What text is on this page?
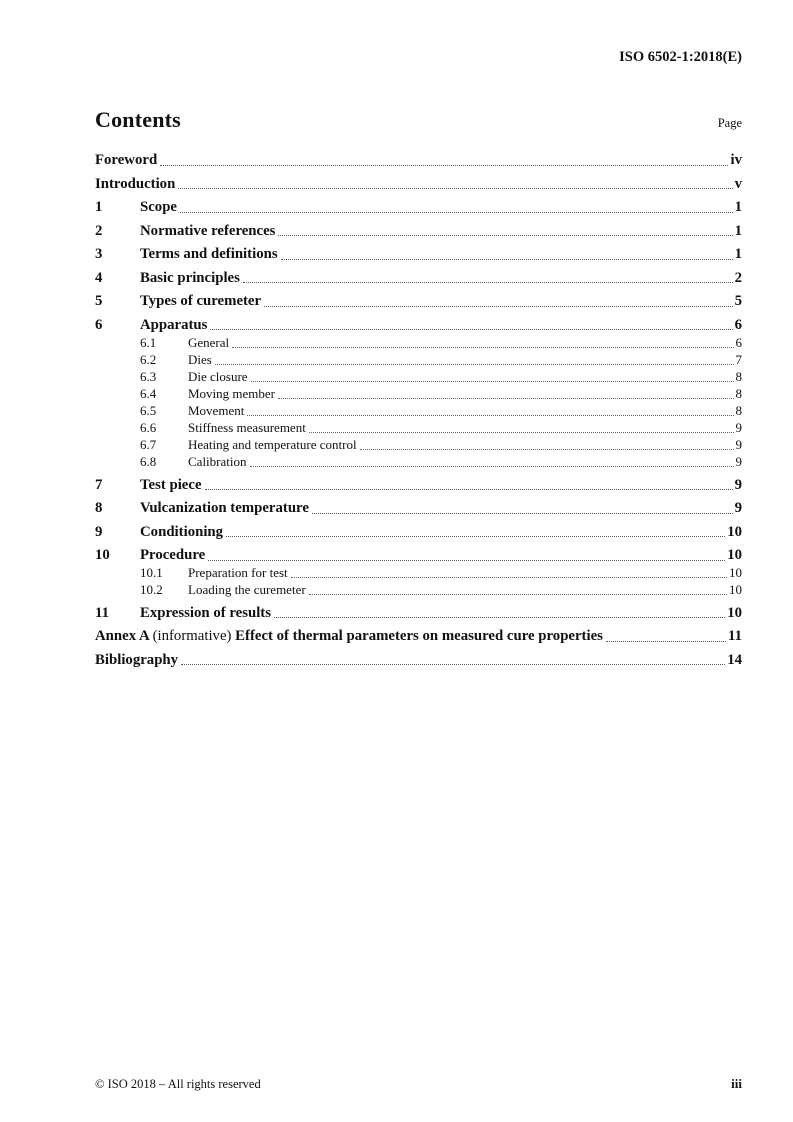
ISO 6502-1:2018(E)
Contents	Page
Foreword	iv
Introduction	v
1	Scope	1
2	Normative references	1
3	Terms and definitions	1
4	Basic principles	2
5	Types of curemeter	5
6	Apparatus	6
6.1	General	6
6.2	Dies	7
6.3	Die closure	8
6.4	Moving member	8
6.5	Movement	8
6.6	Stiffness measurement	9
6.7	Heating and temperature control	9
6.8	Calibration	9
7	Test piece	9
8	Vulcanization temperature	9
9	Conditioning	10
10	Procedure	10
10.1	Preparation for test	10
10.2	Loading the curemeter	10
11	Expression of results	10
Annex A (informative) Effect of thermal parameters on measured cure properties	11
Bibliography	14
© ISO 2018 – All rights reserved	iii
